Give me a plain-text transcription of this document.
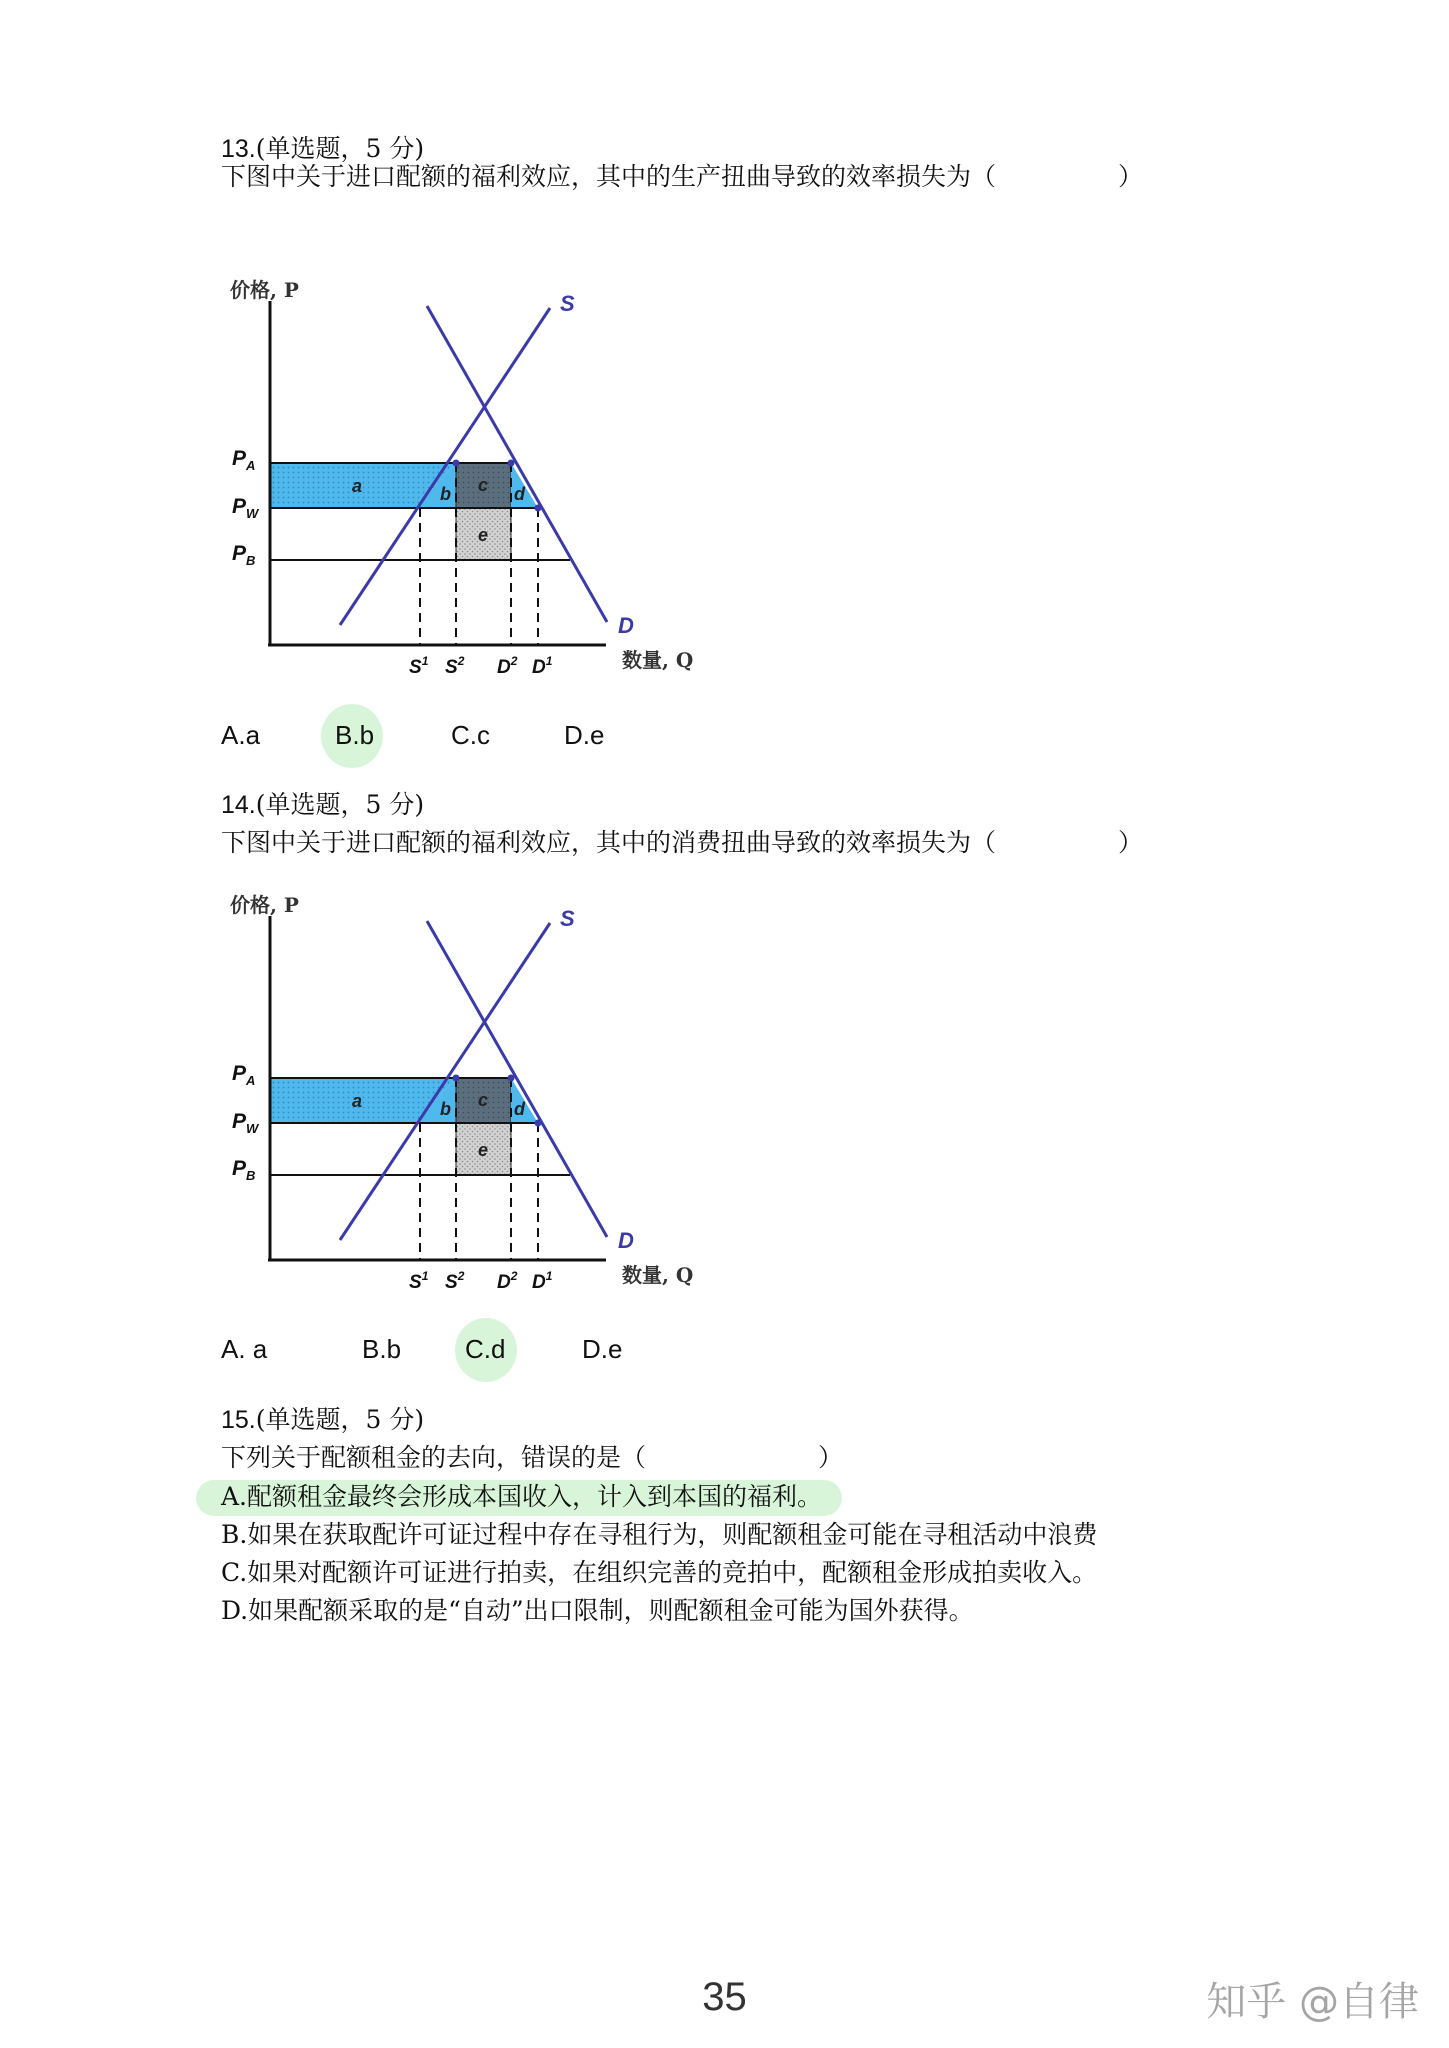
13.(单选题，5 分)
下图中关于进口配额的福利效应，其中的生产扭曲导致的效率损失为（	）
价格, P
数量, Q
S
D
$P_A$
$P_W$
$P_B$
$S^1$ $S^2$ $D^2$ $D^1$
a	b c d
e
A.a	B.b	C.c	D.e
14.(单选题，5 分)
下图中关于进口配额的福利效应，其中的消费扭曲导致的效率损失为（	）
价格, P
数量, Q
S
D
$P_A$
$P_W$
$P_B$
$S^1$ $S^2$ $D^2$ $D^1$
a	b c d
e
A. a	B.b C.d	D.e
15.(单选题，5 分)
下列关于配额租金的去向，错误的是（	）
A.配额租金最终会形成本国收入，计入到本国的福利。
B.如果在获取配许可证过程中存在寻租行为，则配额租金可能在寻租活动中浪费
C.如果对配额许可证进行拍卖，在组织完善的竞拍中，配额租金形成拍卖收入。
D.如果配额采取的是“自动”出口限制，则配额租金可能为国外获得。
35	知乎 @自律
